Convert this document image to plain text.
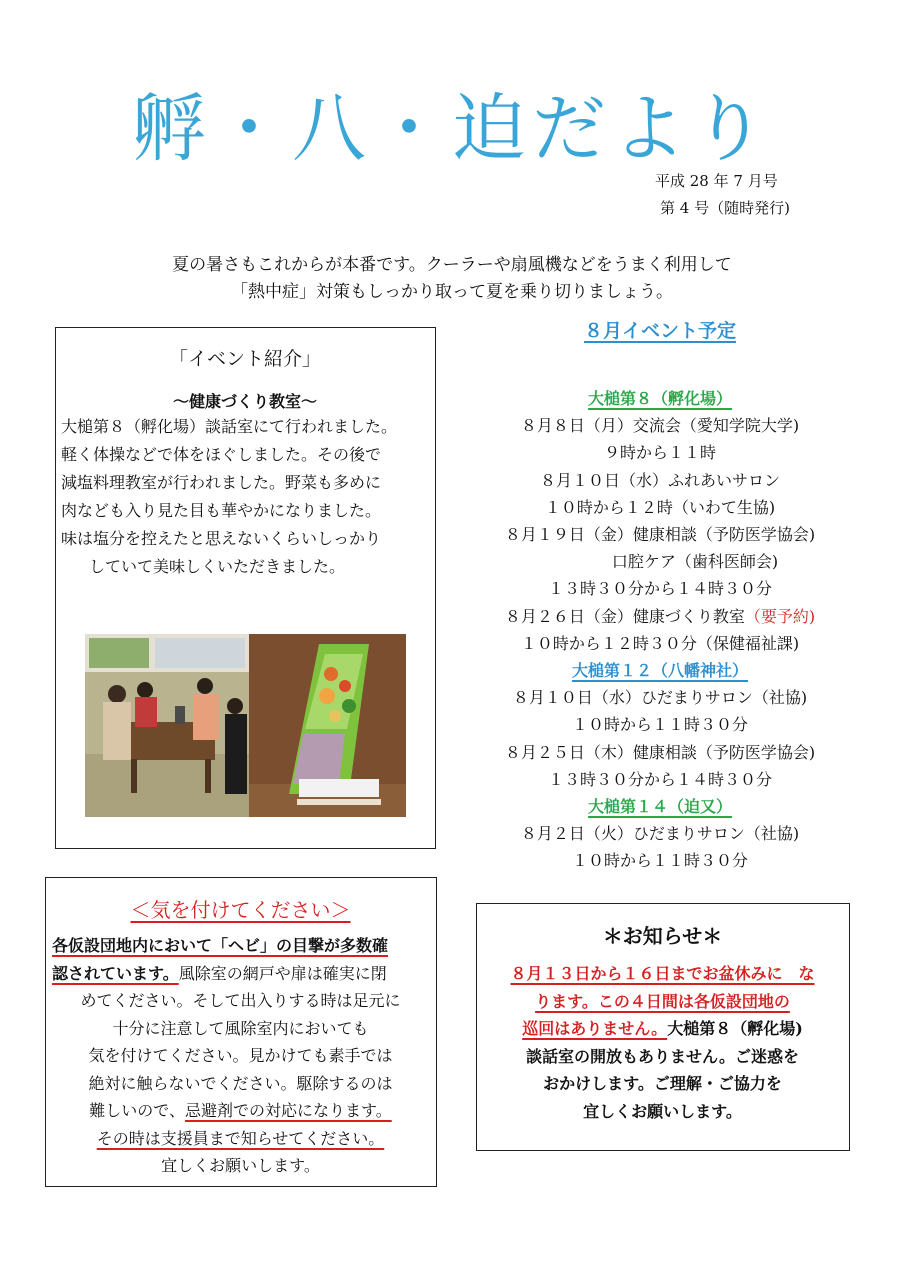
孵・八・迫だより
平成 28 年 7 月号
第 4 号（随時発行)
夏の暑さもこれからが本番です。クーラーや扇風機などをうまく利用して
「熱中症」対策もしっかり取って夏を乗り切りましょう。
「イベント紹介」
～健康づくり教室～
大槌第８（孵化場）談話室にて行われました。
軽く体操などで体をほぐしました。その後で
減塩料理教室が行われました。野菜も多めに
肉なども入り見た目も華やかになりました。
味は塩分を控えたと思えないくらいしっかり
していて美味しくいただきました。
８月イベント予定
大槌第８（孵化場）
８月８日（月）交流会（愛知学院大学)
９時から１１時
８月１０日（水）ふれあいサロン
１０時から１２時（いわて生協)
８月１９日（金）健康相談（予防医学協会)
口腔ケア（歯科医師会)
１３時３０分から１４時３０分
８月２６日（金）健康づくり教室（要予約)
１０時から１２時３０分（保健福祉課)
大槌第１２（八幡神社）
８月１０日（水）ひだまりサロン（社協)
１０時から１１時３０分
８月２５日（木）健康相談（予防医学協会)
１３時３０分から１４時３０分
大槌第１４（迫又）
８月２日（火）ひだまりサロン（社協)
１０時から１１時３０分
＜気を付けてください＞
各仮設団地内において「ヘビ」の目撃が多数確
認されています。風除室の網戸や扉は確実に閉
めてください。そして出入りする時は足元に
十分に注意して風除室内においても
気を付けてください。見かけても素手では
絶対に触らないでください。駆除するのは
難しいので、忌避剤での対応になります。
その時は支援員まで知らせてください。
宜しくお願いします。
＊お知らせ＊
８月１３日から１６日までお盆休みに　な
ります。この４日間は各仮設団地の
巡回はありません。大槌第８（孵化場)
談話室の開放もありません。ご迷惑を
おかけします。ご理解・ご協力を
宜しくお願いします。
